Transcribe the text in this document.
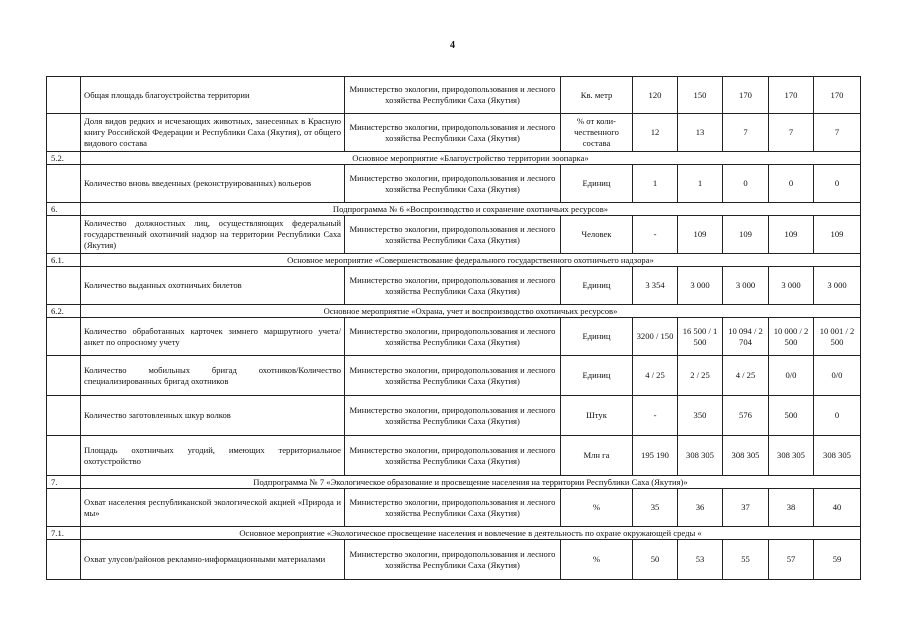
4
	Общая площадь благоустройства территории	Министерство экологии, природопользования и лесного хозяйства Республики Саха (Якутия)	Кв. метр	120	150	170	170	170
	Доля видов редких и исчезающих животных, занесенных в Красную книгу Российской Федерации и Республики Саха (Якутия), от общего видового состава	Министерство экологии, природопользования и лесного хозяйства Республики Саха (Якутия)	% от коли-чественного состава	12	13	7	7	7
5.2.	Основное мероприятие «Благоустройство территории зоопарка»							
	Количество вновь введенных (реконструированных) вольеров	Министерство экологии, природопользования и лесного хозяйства Республики Саха (Якутия)	Единиц	1	1	0	0	0
6.	Подпрограмма № 6 «Воспроизводство и сохранение охотничьих ресурсов»							
	Количество должностных лиц, осуществляющих федеральный государственный охотничий надзор на территории Республики Саха (Якутия)	Министерство экологии, природопользования и лесного хозяйства Республики Саха (Якутия)	Человек	-	109	109	109	109
6.1.	Основное мероприятие «Совершенствование федерального государственного охотничьего надзора»							
	Количество выданных охотничьих билетов	Министерство экологии, природопользования и лесного хозяйства Республики Саха (Якутия)	Единиц	3 354	3 000	3 000	3 000	3 000
6.2.	Основное мероприятие «Охрана, учет и воспроизводство охотничьих ресурсов»							
	Количество обработанных карточек зимнего маршрутного учета/анкет по опросному учету	Министерство экологии, природопользования и лесного хозяйства Республики Саха (Якутия)	Единиц	3200 / 150	16 500 / 1 500	10 094 / 2 704	10 000 / 2 500	10 001 / 2 500
	Количество мобильных бригад охотников/Количество специализированных бригад охотников	Министерство экологии, природопользования и лесного хозяйства Республики Саха (Якутия)	Единиц	4 / 25	2 / 25	4 / 25	0/0	0/0
	Количество заготовленных шкур волков	Министерство экологии, природопользования и лесного хозяйства Республики Саха (Якутия)	Штук	-	350	576	500	0
	Площадь охотничьих угодий, имеющих территориальное охотустройство	Министерство экологии, природопользования и лесного хозяйства Республики Саха (Якутия)	Млн га	195 190	308 305	308 305	308 305	308 305
7.	Подпрограмма № 7 «Экологическое образование и просвещение населения на территории Республики Саха (Якутия)»							
	Охват населения республиканской экологической акцией «Природа и мы»	Министерство экологии, природопользования и лесного хозяйства Республики Саха (Якутия)	%	35	36	37	38	40
7.1.	Основное мероприятие «Экологическое просвещение населения и вовлечение в деятельность по охране окружающей среды «							
	Охват улусов/районов рекламно-информационными материалами	Министерство экологии, природопользования и лесного хозяйства Республики Саха (Якутия)	%	50	53	55	57	59
